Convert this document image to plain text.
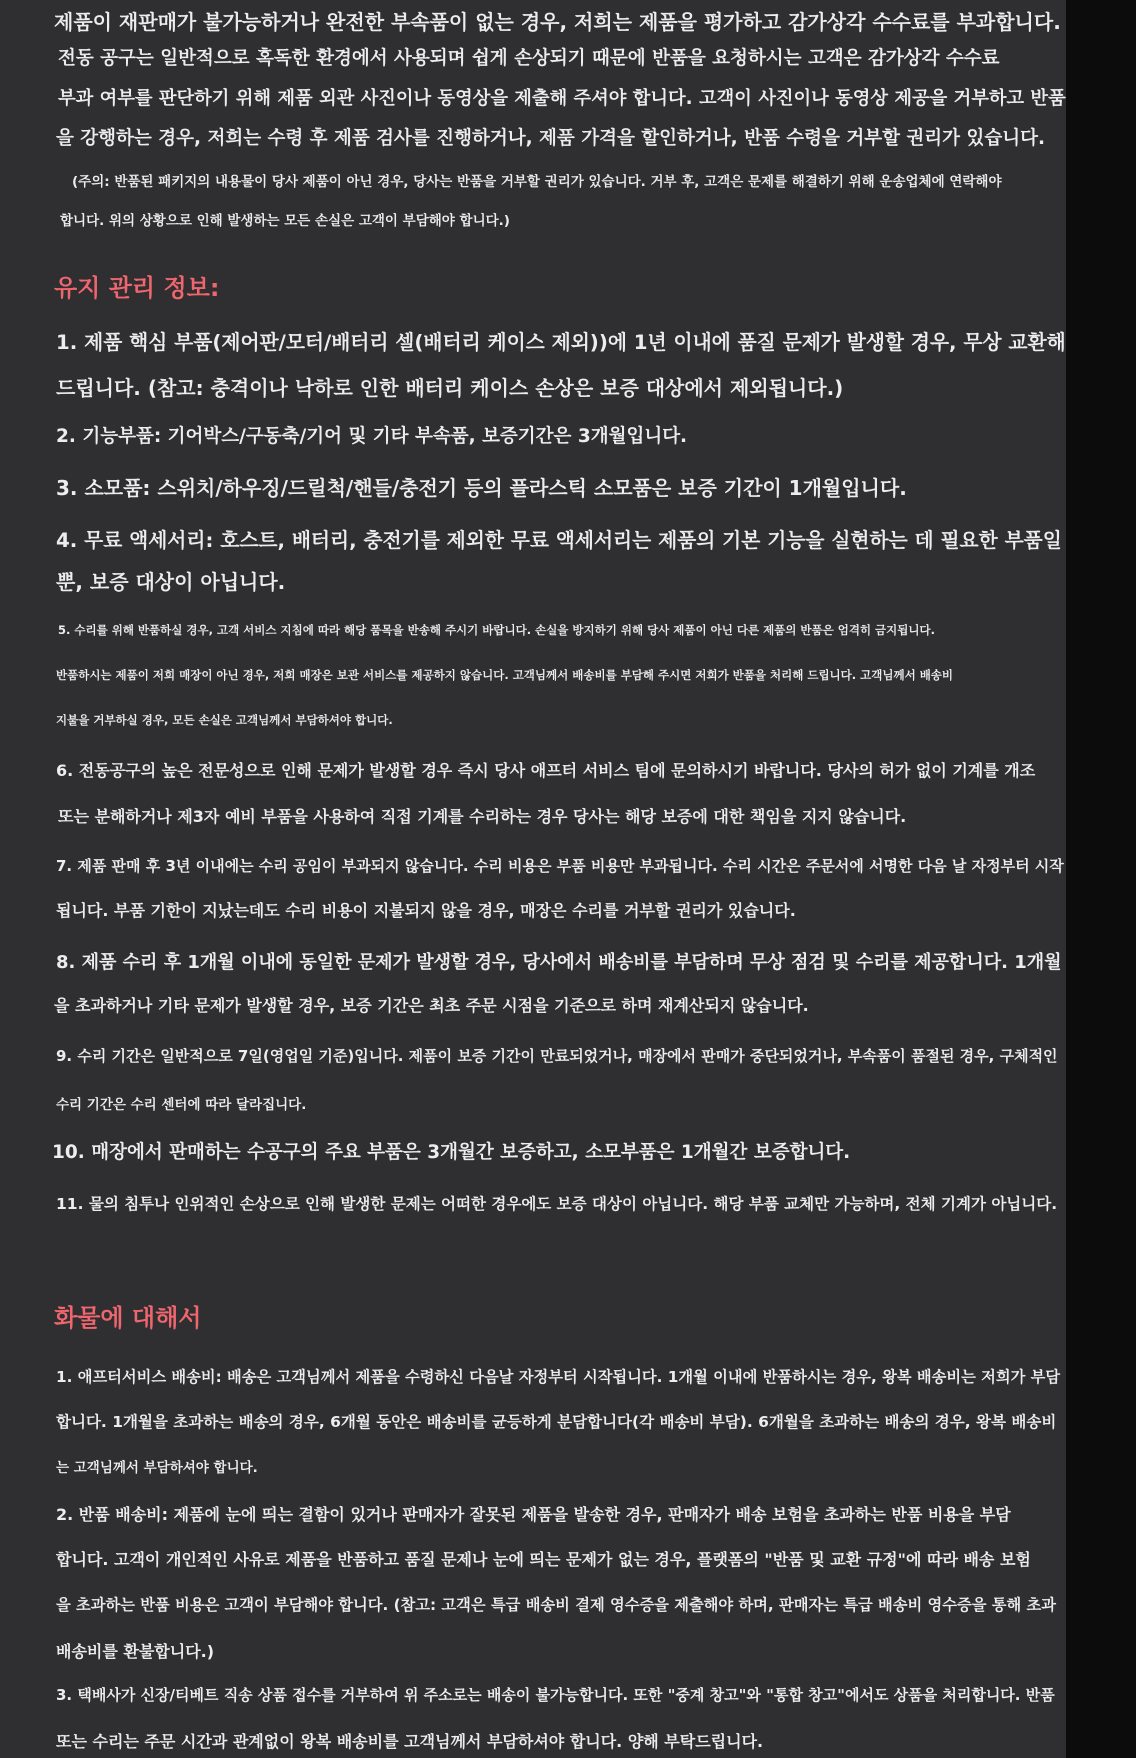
제품이 재판매가 불가능하거나 완전한 부속품이 없는 경우, 저희는 제품을 평가하고 감가상각 수수료를 부과합니다.

전동 공구는 일반적으로 혹독한 환경에서 사용되며 쉽게 손상되기 때문에 반품을 요청하시는 고객은 감가상각 수수료

부과 여부를 판단하기 위해 제품 외관 사진이나 동영상을 제출해 주셔야 합니다. 고객이 사진이나 동영상 제공을 거부하고 반품

을 강행하는 경우, 저희는 수령 후 제품 검사를 진행하거나, 제품 가격을 할인하거나, 반품 수령을 거부할 권리가 있습니다.

(주의: 반품된 패키지의 내용물이 당사 제품이 아닌 경우, 당사는 반품을 거부할 권리가 있습니다. 거부 후, 고객은 문제를 해결하기 위해 운송업체에 연락해야

합니다. 위의 상황으로 인해 발생하는 모든 손실은 고객이 부담해야 합니다.)

유지 관리 정보:

1. 제품 핵심 부품(제어판/모터/배터리 셀(배터리 케이스 제외))에 1년 이내에 품질 문제가 발생할 경우, 무상 교환해

드립니다. (참고: 충격이나 낙하로 인한 배터리 케이스 손상은 보증 대상에서 제외됩니다.)

2. 기능부품: 기어박스/구동축/기어 및 기타 부속품, 보증기간은 3개월입니다.

3. 소모품: 스위치/하우징/드릴척/핸들/충전기 등의 플라스틱 소모품은 보증 기간이 1개월입니다.

4. 무료 액세서리: 호스트, 배터리, 충전기를 제외한 무료 액세서리는 제품의 기본 기능을 실현하는 데 필요한 부품일

뿐, 보증 대상이 아닙니다.

5. 수리를 위해 반품하실 경우, 고객 서비스 지침에 따라 해당 품목을 반송해 주시기 바랍니다. 손실을 방지하기 위해 당사 제품이 아닌 다른 제품의 반품은 엄격히 금지됩니다.

반품하시는 제품이 저희 매장이 아닌 경우, 저희 매장은 보관 서비스를 제공하지 않습니다. 고객님께서 배송비를 부담해 주시면 저희가 반품을 처리해 드립니다. 고객님께서 배송비

지불을 거부하실 경우, 모든 손실은 고객님께서 부담하셔야 합니다.

6. 전동공구의 높은 전문성으로 인해 문제가 발생할 경우 즉시 당사 애프터 서비스 팀에 문의하시기 바랍니다. 당사의 허가 없이 기계를 개조

또는 분해하거나 제3자 예비 부품을 사용하여 직접 기계를 수리하는 경우 당사는 해당 보증에 대한 책임을 지지 않습니다.

7. 제품 판매 후 3년 이내에는 수리 공임이 부과되지 않습니다. 수리 비용은 부품 비용만 부과됩니다. 수리 시간은 주문서에 서명한 다음 날 자정부터 시작

됩니다. 부품 기한이 지났는데도 수리 비용이 지불되지 않을 경우, 매장은 수리를 거부할 권리가 있습니다.

8. 제품 수리 후 1개월 이내에 동일한 문제가 발생할 경우, 당사에서 배송비를 부담하며 무상 점검 및 수리를 제공합니다. 1개월

을 초과하거나 기타 문제가 발생할 경우, 보증 기간은 최초 주문 시점을 기준으로 하며 재계산되지 않습니다.

9. 수리 기간은 일반적으로 7일(영업일 기준)입니다. 제품이 보증 기간이 만료되었거나, 매장에서 판매가 중단되었거나, 부속품이 품절된 경우, 구체적인

수리 기간은 수리 센터에 따라 달라집니다.

10. 매장에서 판매하는 수공구의 주요 부품은 3개월간 보증하고, 소모부품은 1개월간 보증합니다.

11. 물의 침투나 인위적인 손상으로 인해 발생한 문제는 어떠한 경우에도 보증 대상이 아닙니다. 해당 부품 교체만 가능하며, 전체 기계가 아닙니다.

화물에 대해서

1. 애프터서비스 배송비: 배송은 고객님께서 제품을 수령하신 다음날 자정부터 시작됩니다. 1개월 이내에 반품하시는 경우, 왕복 배송비는 저희가 부담

합니다. 1개월을 초과하는 배송의 경우, 6개월 동안은 배송비를 균등하게 분담합니다(각 배송비 부담). 6개월을 초과하는 배송의 경우, 왕복 배송비

는 고객님께서 부담하셔야 합니다.

2. 반품 배송비: 제품에 눈에 띄는 결함이 있거나 판매자가 잘못된 제품을 발송한 경우, 판매자가 배송 보험을 초과하는 반품 비용을 부담

합니다. 고객이 개인적인 사유로 제품을 반품하고 품질 문제나 눈에 띄는 문제가 없는 경우, 플랫폼의 "반품 및 교환 규정"에 따라 배송 보험

을 초과하는 반품 비용은 고객이 부담해야 합니다. (참고: 고객은 특급 배송비 결제 영수증을 제출해야 하며, 판매자는 특급 배송비 영수증을 통해 초과

배송비를 환불합니다.)

3. 택배사가 신장/티베트 직송 상품 접수를 거부하여 위 주소로는 배송이 불가능합니다. 또한 "중계 창고"와 "통합 창고"에서도 상품을 처리합니다. 반품

또는 수리는 주문 시간과 관계없이 왕복 배송비를 고객님께서 부담하셔야 합니다. 양해 부탁드립니다.
